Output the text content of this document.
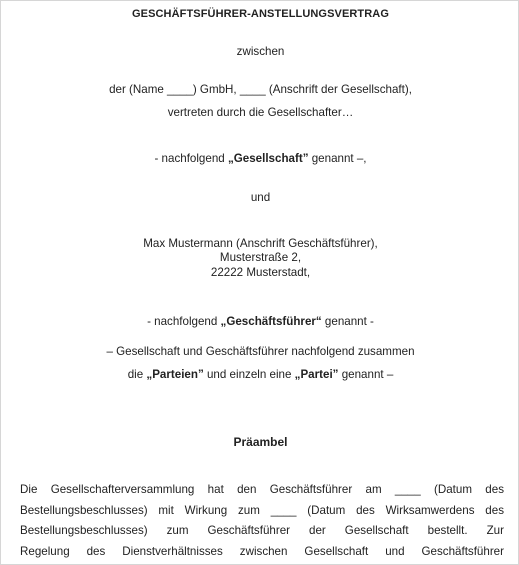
GESCHÄFTSFÜHRER-ANSTELLUNGSVERTRAG
zwischen
der (Name ____) GmbH, ____ (Anschrift der Gesellschaft),
vertreten durch die Gesellschafter…
- nachfolgend „Gesellschaft” genannt –,
und
Max Mustermann (Anschrift Geschäftsführer),
Musterstraße 2,
22222 Musterstadt,
- nachfolgend „Geschäftsführer“ genannt -
– Gesellschaft und Geschäftsführer nachfolgend zusammen
die „Parteien” und einzeln eine „Partei” genannt –
Präambel
Die Gesellschafterversammlung hat den Geschäftsführer am ____ (Datum des
Bestellungsbeschlusses) mit Wirkung zum ____ (Datum des Wirksamwerdens des
Bestellungsbeschlusses) zum Geschäftsführer der Gesellschaft bestellt. Zur
Regelung des Dienstverhältnisses zwischen Gesellschaft und Geschäftsführer
